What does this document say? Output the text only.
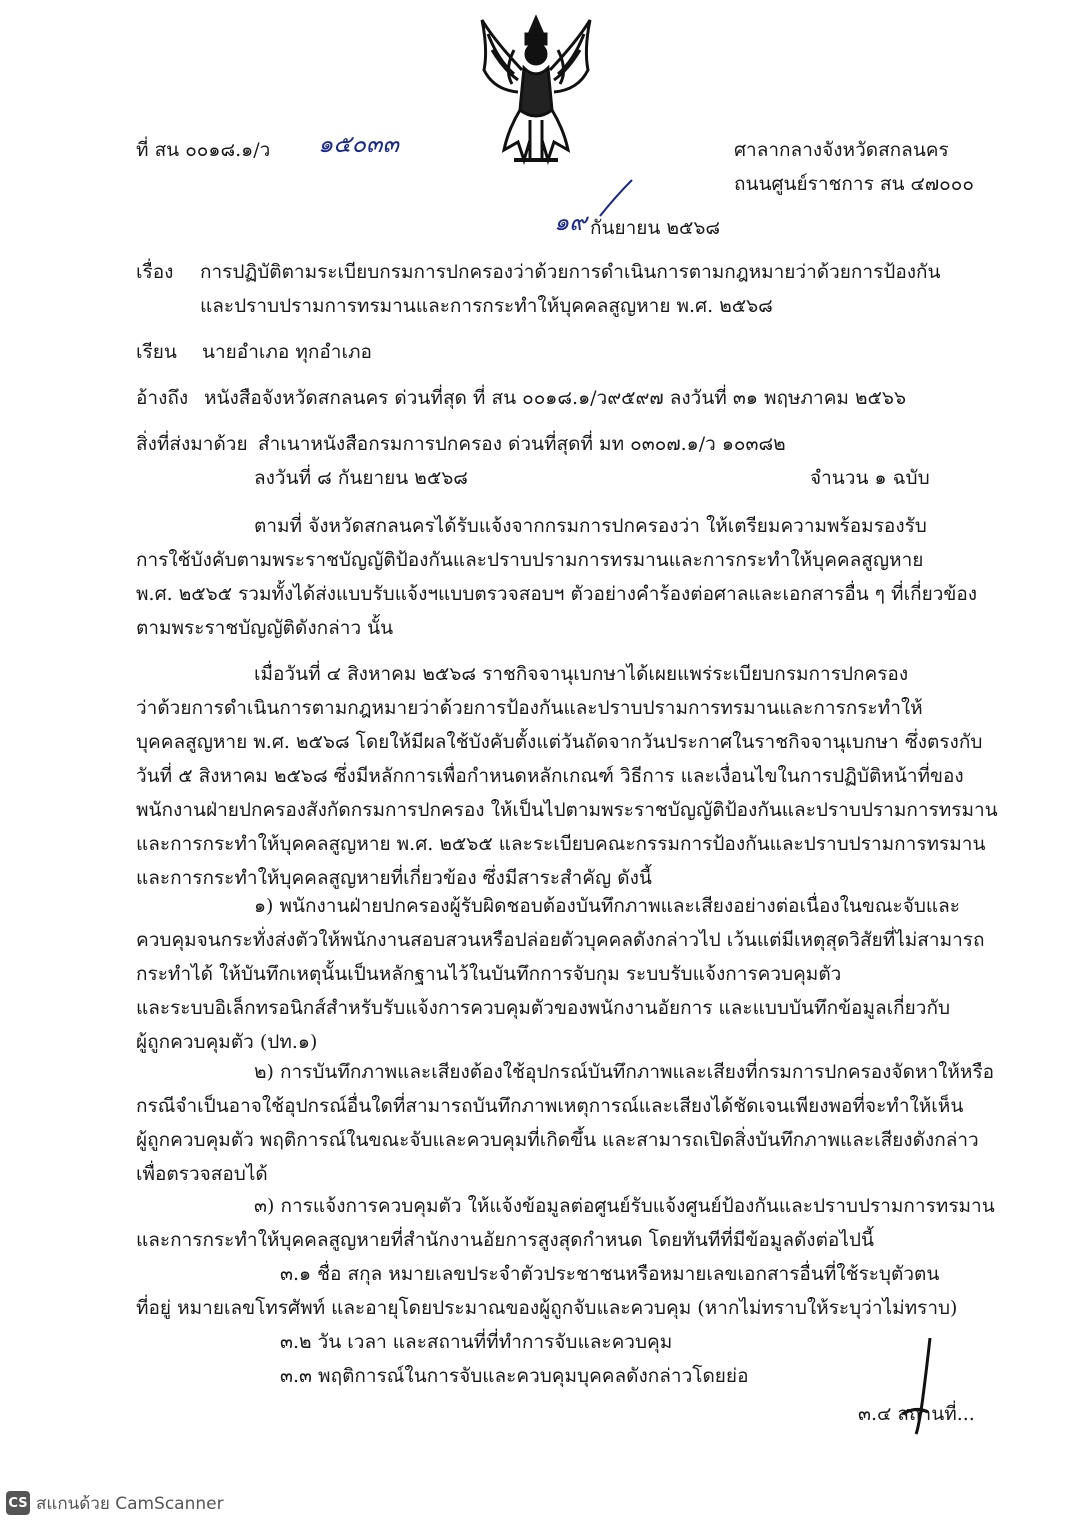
ที่ สน ๐๐๑๘.๑/ว ๑๕๐๓๓	ศาลากลางจังหวัดสกลนคร
ถนนศูนย์ราชการ สน ๔๗๐๐๐
๑๙ กันยายน ๒๕๖๘
เรื่อง การปฏิบัติตามระเบียบกรมการปกครองว่าด้วยการดำเนินการตามกฎหมายว่าด้วยการป้องกัน
และปราบปรามการทรมานและการกระทำให้บุคคลสูญหาย พ.ศ. ๒๕๖๘
เรียน นายอำเภอ ทุกอำเภอ
อ้างถึง หนังสือจังหวัดสกลนคร ด่วนที่สุด ที่ สน ๐๐๑๘.๑/ว๙๕๙๗ ลงวันที่ ๓๑ พฤษภาคม ๒๕๖๖
สิ่งที่ส่งมาด้วย สำเนาหนังสือกรมการปกครอง ด่วนที่สุดที่ มท ๐๓๐๗.๑/ว ๑๐๓๘๒
ลงวันที่ ๘ กันยายน ๒๕๖๘	จำนวน ๑ ฉบับ
ตามที่ จังหวัดสกลนครได้รับแจ้งจากกรมการปกครองว่า ให้เตรียมความพร้อมรองรับ
การใช้บังคับตามพระราชบัญญัติป้องกันและปราบปรามการทรมานและการกระทำให้บุคคลสูญหาย
พ.ศ. ๒๕๖๕ รวมทั้งได้ส่งแบบรับแจ้งฯแบบตรวจสอบฯ ตัวอย่างคำร้องต่อศาลและเอกสารอื่น ๆ ที่เกี่ยวข้อง
ตามพระราชบัญญัติดังกล่าว นั้น
เมื่อวันที่ ๔ สิงหาคม ๒๕๖๘ ราชกิจจานุเบกษาได้เผยแพร่ระเบียบกรมการปกครอง
ว่าด้วยการดำเนินการตามกฎหมายว่าด้วยการป้องกันและปราบปรามการทรมานและการกระทำให้
บุคคลสูญหาย พ.ศ. ๒๕๖๘ โดยให้มีผลใช้บังคับตั้งแต่วันถัดจากวันประกาศในราชกิจจานุเบกษา ซึ่งตรงกับ
วันที่ ๕ สิงหาคม ๒๕๖๘ ซึ่งมีหลักการเพื่อกำหนดหลักเกณฑ์ วิธีการ และเงื่อนไขในการปฏิบัติหน้าที่ของ
พนักงานฝ่ายปกครองสังกัดกรมการปกครอง ให้เป็นไปตามพระราชบัญญัติป้องกันและปราบปรามการทรมาน
และการกระทำให้บุคคลสูญหาย พ.ศ. ๒๕๖๕ และระเบียบคณะกรรมการป้องกันและปราบปรามการทรมาน
และการกระทำให้บุคคลสูญหายที่เกี่ยวข้อง ซึ่งมีสาระสำคัญ ดังนี้
๑) พนักงานฝ่ายปกครองผู้รับผิดชอบต้องบันทึกภาพและเสียงอย่างต่อเนื่องในขณะจับและ
ควบคุมจนกระทั่งส่งตัวให้พนักงานสอบสวนหรือปล่อยตัวบุคคลดังกล่าวไป เว้นแต่มีเหตุสุดวิสัยที่ไม่สามารถ
กระทำได้ ให้บันทึกเหตุนั้นเป็นหลักฐานไว้ในบันทึกการจับกุม ระบบรับแจ้งการควบคุมตัว
และระบบอิเล็กทรอนิกส์สำหรับรับแจ้งการควบคุมตัวของพนักงานอัยการ และแบบบันทึกข้อมูลเกี่ยวกับ
ผู้ถูกควบคุมตัว (ปท.๑)
๒) การบันทึกภาพและเสียงต้องใช้อุปกรณ์บันทึกภาพและเสียงที่กรมการปกครองจัดหาให้หรือ
กรณีจำเป็นอาจใช้อุปกรณ์อื่นใดที่สามารถบันทึกภาพเหตุการณ์และเสียงได้ชัดเจนเพียงพอที่จะทำให้เห็น
ผู้ถูกควบคุมตัว พฤติการณ์ในขณะจับและควบคุมที่เกิดขึ้น และสามารถเปิดสิ่งบันทึกภาพและเสียงดังกล่าว
เพื่อตรวจสอบได้
๓) การแจ้งการควบคุมตัว ให้แจ้งข้อมูลต่อศูนย์รับแจ้งศูนย์ป้องกันและปราบปรามการทรมาน
และการกระทำให้บุคคลสูญหายที่สำนักงานอัยการสูงสุดกำหนด โดยทันทีที่มีข้อมูลดังต่อไปนี้
๓.๑ ชื่อ สกุล หมายเลขประจำตัวประชาชนหรือหมายเลขเอกสารอื่นที่ใช้ระบุตัวตน
ที่อยู่ หมายเลขโทรศัพท์ และอายุโดยประมาณของผู้ถูกจับและควบคุม (หากไม่ทราบให้ระบุว่าไม่ทราบ)
๓.๒ วัน เวลา และสถานที่ที่ทำการจับและควบคุม
๓.๓ พฤติการณ์ในการจับและควบคุมบุคคลดังกล่าวโดยย่อ
๓.๔ สถานที่...
CS สแกนด้วย CamScanner
